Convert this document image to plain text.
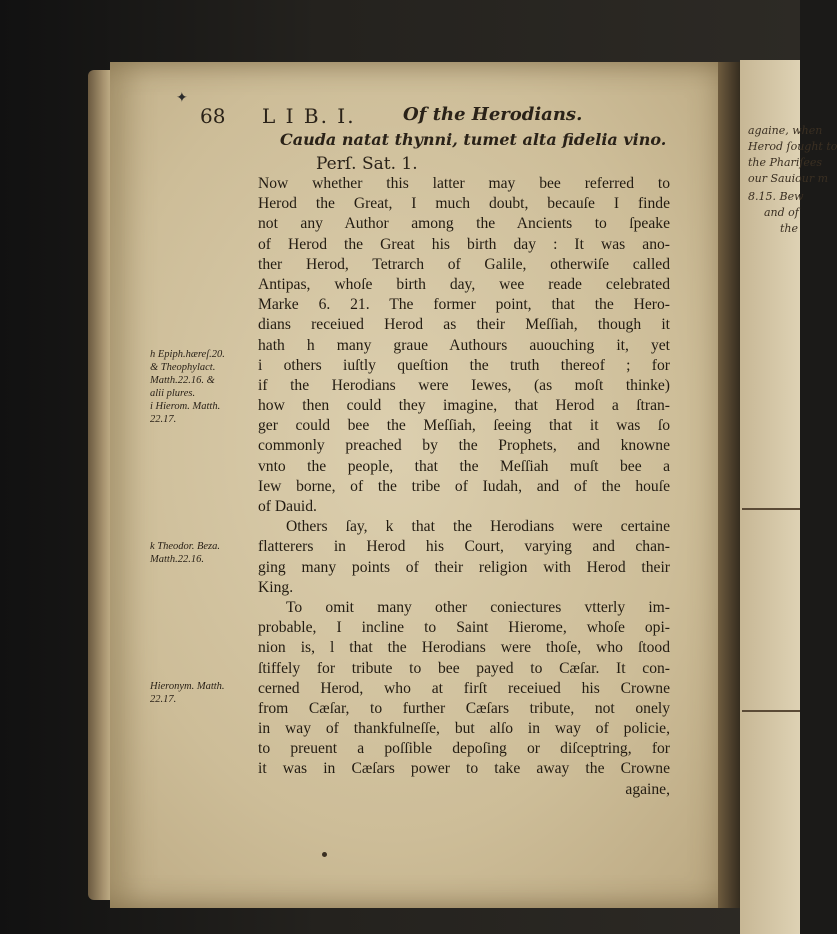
againe, when
Herod ſought to
the Phariſees
our Sauiour m
8.15. Bew
and of
the
✦
68 L I B. I.	Of the Herodians.
Cauda natat thynni, tumet alta fidelia vino.
Perſ. Sat. 1.
Now whether this latter may bee referred to
Herod the Great, I much doubt, becauſe I finde
not any Author among the Ancients to ſpeake
of Herod the Great his birth day : It was ano-
ther Herod, Tetrarch of Galile, otherwiſe called
Antipas, whoſe birth day, wee reade celebrated
Marke 6. 21. The former point, that the Hero-
dians receiued Herod as their Meſſiah, though it
hath h many graue Authours auouching it, yet
i others iuſtly queſtion the truth thereof ; for
if the Herodians were Iewes, (as moſt thinke)
how then could they imagine, that Herod a ſtran-
ger could bee the Meſſiah, ſeeing that it was ſo
commonly preached by the Prophets, and knowne
vnto the people, that the Meſſiah muſt bee a
Iew borne, of the tribe of Iudah, and of the houſe
of Dauid.
Others ſay, k that the Herodians were certaine
flatterers in Herod his Court, varying and chan-
ging many points of their religion with Herod their
King.
To omit many other coniectures vtterly im-
probable, I incline to Saint Hierome, whoſe opi-
nion is, l that the Herodians were thoſe, who ſtood
ſtiffely for tribute to bee payed to Cæſar. It con-
cerned Herod, who at firſt receiued his Crowne
from Cæſar, to further Cæſars tribute, not onely
in way of thankfulneſſe, but alſo in way of policie,
to preuent a poſſible depoſing or diſceptring, for
it was in Cæſars power to take away the Crowne
againe,
h Epiph.hæreſ.20.
& Theophylact.
Matth.22.16. &
alii plures.
i Hierom. Matth.
22.17.
k Theodor. Beza.
Matth.22.16.
Hieronym. Matth.
22.17.
